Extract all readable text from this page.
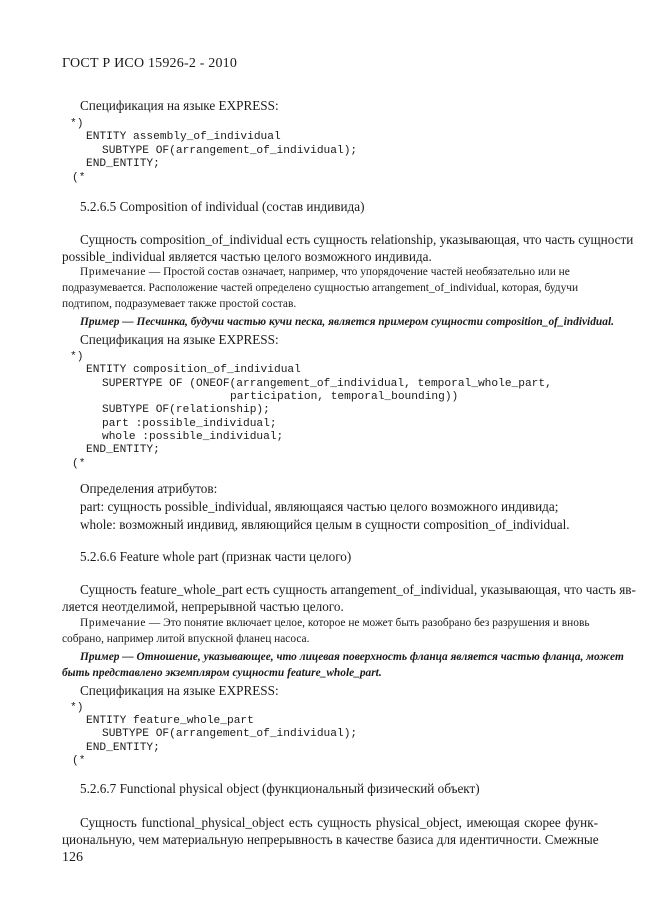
ГОСТ Р ИСО 15926-2 - 2010
Спецификация на языке EXPRESS:
*)
ENTITY assembly_of_individual
SUBTYPE OF(arrangement_of_individual);
END_ENTITY;
(*
5.2.6.5 Composition of individual (состав индивида)
Сущность composition_of_individual есть сущность relationship, указывающая, что часть сущности
possible_individual является частью целого возможного индивида.
Примечание — Простой состав означает, например, что упорядочение частей необязательно или не
подразумевается. Расположение частей определено сущностью arrangement_of_individual, которая, будучи
подтипом, подразумевает также простой состав.
Пример — Песчинка, будучи частью кучи песка, является примером сущности composition_of_individual.
Спецификация на языке EXPRESS:
*)
ENTITY composition_of_individual
SUPERTYPE OF (ONEOF(arrangement_of_individual, temporal_whole_part,
participation, temporal_bounding))
SUBTYPE OF(relationship);
part :possible_individual;
whole :possible_individual;
END_ENTITY;
(*
Определения атрибутов:
part: сущность possible_individual, являющаяся частью целого возможного индивида;
whole: возможный индивид, являющийся целым в сущности composition_of_individual.
5.2.6.6 Feature whole part (признак части целого)
Сущность feature_whole_part есть сущность arrangement_of_individual, указывающая, что часть яв-
ляется неотделимой, непрерывной частью целого.
Примечание — Это понятие включает целое, которое не может быть разобрано без разрушения и вновь
собрано, например литой впускной фланец насоса.
Пример — Отношение, указывающее, что лицевая поверхность фланца является частью фланца, может
быть представлено экземпляром сущности feature_whole_part.
Спецификация на языке EXPRESS:
*)
ENTITY feature_whole_part
SUBTYPE OF(arrangement_of_individual);
END_ENTITY;
(*
5.2.6.7 Functional physical object (функциональный физический объект)
Сущность functional_physical_object есть сущность physical_object, имеющая скорее функ-
циональную, чем материальную непрерывность в качестве базиса для идентичности. Смежные
126
